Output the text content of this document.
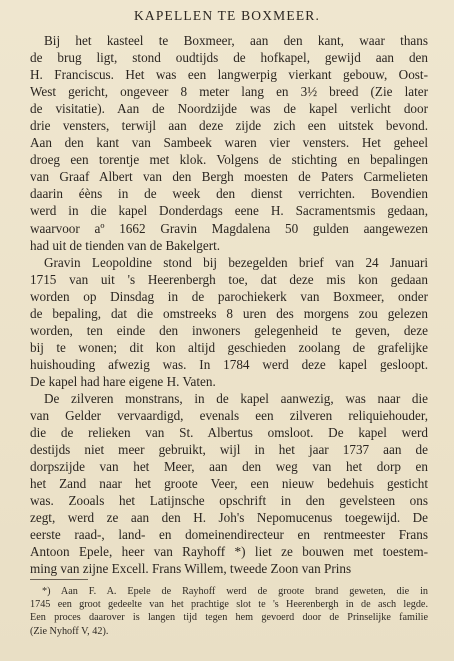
KAPELLEN TE BOXMEER.
Bij het kasteel te Boxmeer, aan den kant, waar thans
de brug ligt, stond oudtijds de hofkapel, gewijd aan den
H. Franciscus. Het was een langwerpig vierkant gebouw, Oost-
West gericht, ongeveer 8 meter lang en 3½ breed (Zie later
de visitatie). Aan de Noordzijde was de kapel verlicht door
drie vensters, terwijl aan deze zijde zich een uitstek bevond.
Aan den kant van Sambeek waren vier vensters. Het geheel
droeg een torentje met klok. Volgens de stichting en bepalingen
van Graaf Albert van den Bergh moesten de Paters Carmelieten
daarin éèns in de week den dienst verrichten. Bovendien
werd in die kapel Donderdags eene H. Sacramentsmis gedaan,
waarvoor aº 1662 Gravin Magdalena 50 gulden aangewezen
had uit de tienden van de Bakelgert.
Gravin Leopoldine stond bij bezegelden brief van 24 Januari
1715 van uit 's Heerenbergh toe, dat deze mis kon gedaan
worden op Dinsdag in de parochiekerk van Boxmeer, onder
de bepaling, dat die omstreeks 8 uren des morgens zou gelezen
worden, ten einde den inwoners gelegenheid te geven, deze
bij te wonen; dit kon altijd geschieden zoolang de grafelijke
huishouding afwezig was. In 1784 werd deze kapel gesloopt.
De kapel had hare eigene H. Vaten.
De zilveren monstrans, in de kapel aanwezig, was naar die
van Gelder vervaardigd, evenals een zilveren reliquiehouder,
die de relieken van St. Albertus omsloot. De kapel werd
destijds niet meer gebruikt, wijl in het jaar 1737 aan de
dorpszijde van het Meer, aan den weg van het dorp en
het Zand naar het groote Veer, een nieuw bedehuis gesticht
was. Zooals het Latijnsche opschrift in den gevelsteen ons
zegt, werd ze aan den H. Joh's Nepomucenus toegewijd. De
eerste raad-, land- en domeinendirecteur en rentmeester Frans
Antoon Epele, heer van Rayhoff *) liet ze bouwen met toestem-
ming van zijne Excell. Frans Willem, tweede Zoon van Prins
*) Aan F. A. Epele de Rayhoff werd de groote brand geweten, die in
1745 een groot gedeelte van het prachtige slot te 's Heerenbergh in de asch legde.
Een proces daarover is langen tijd tegen hem gevoerd door de Prinselijke familie
(Zie Nyhoff V, 42).
